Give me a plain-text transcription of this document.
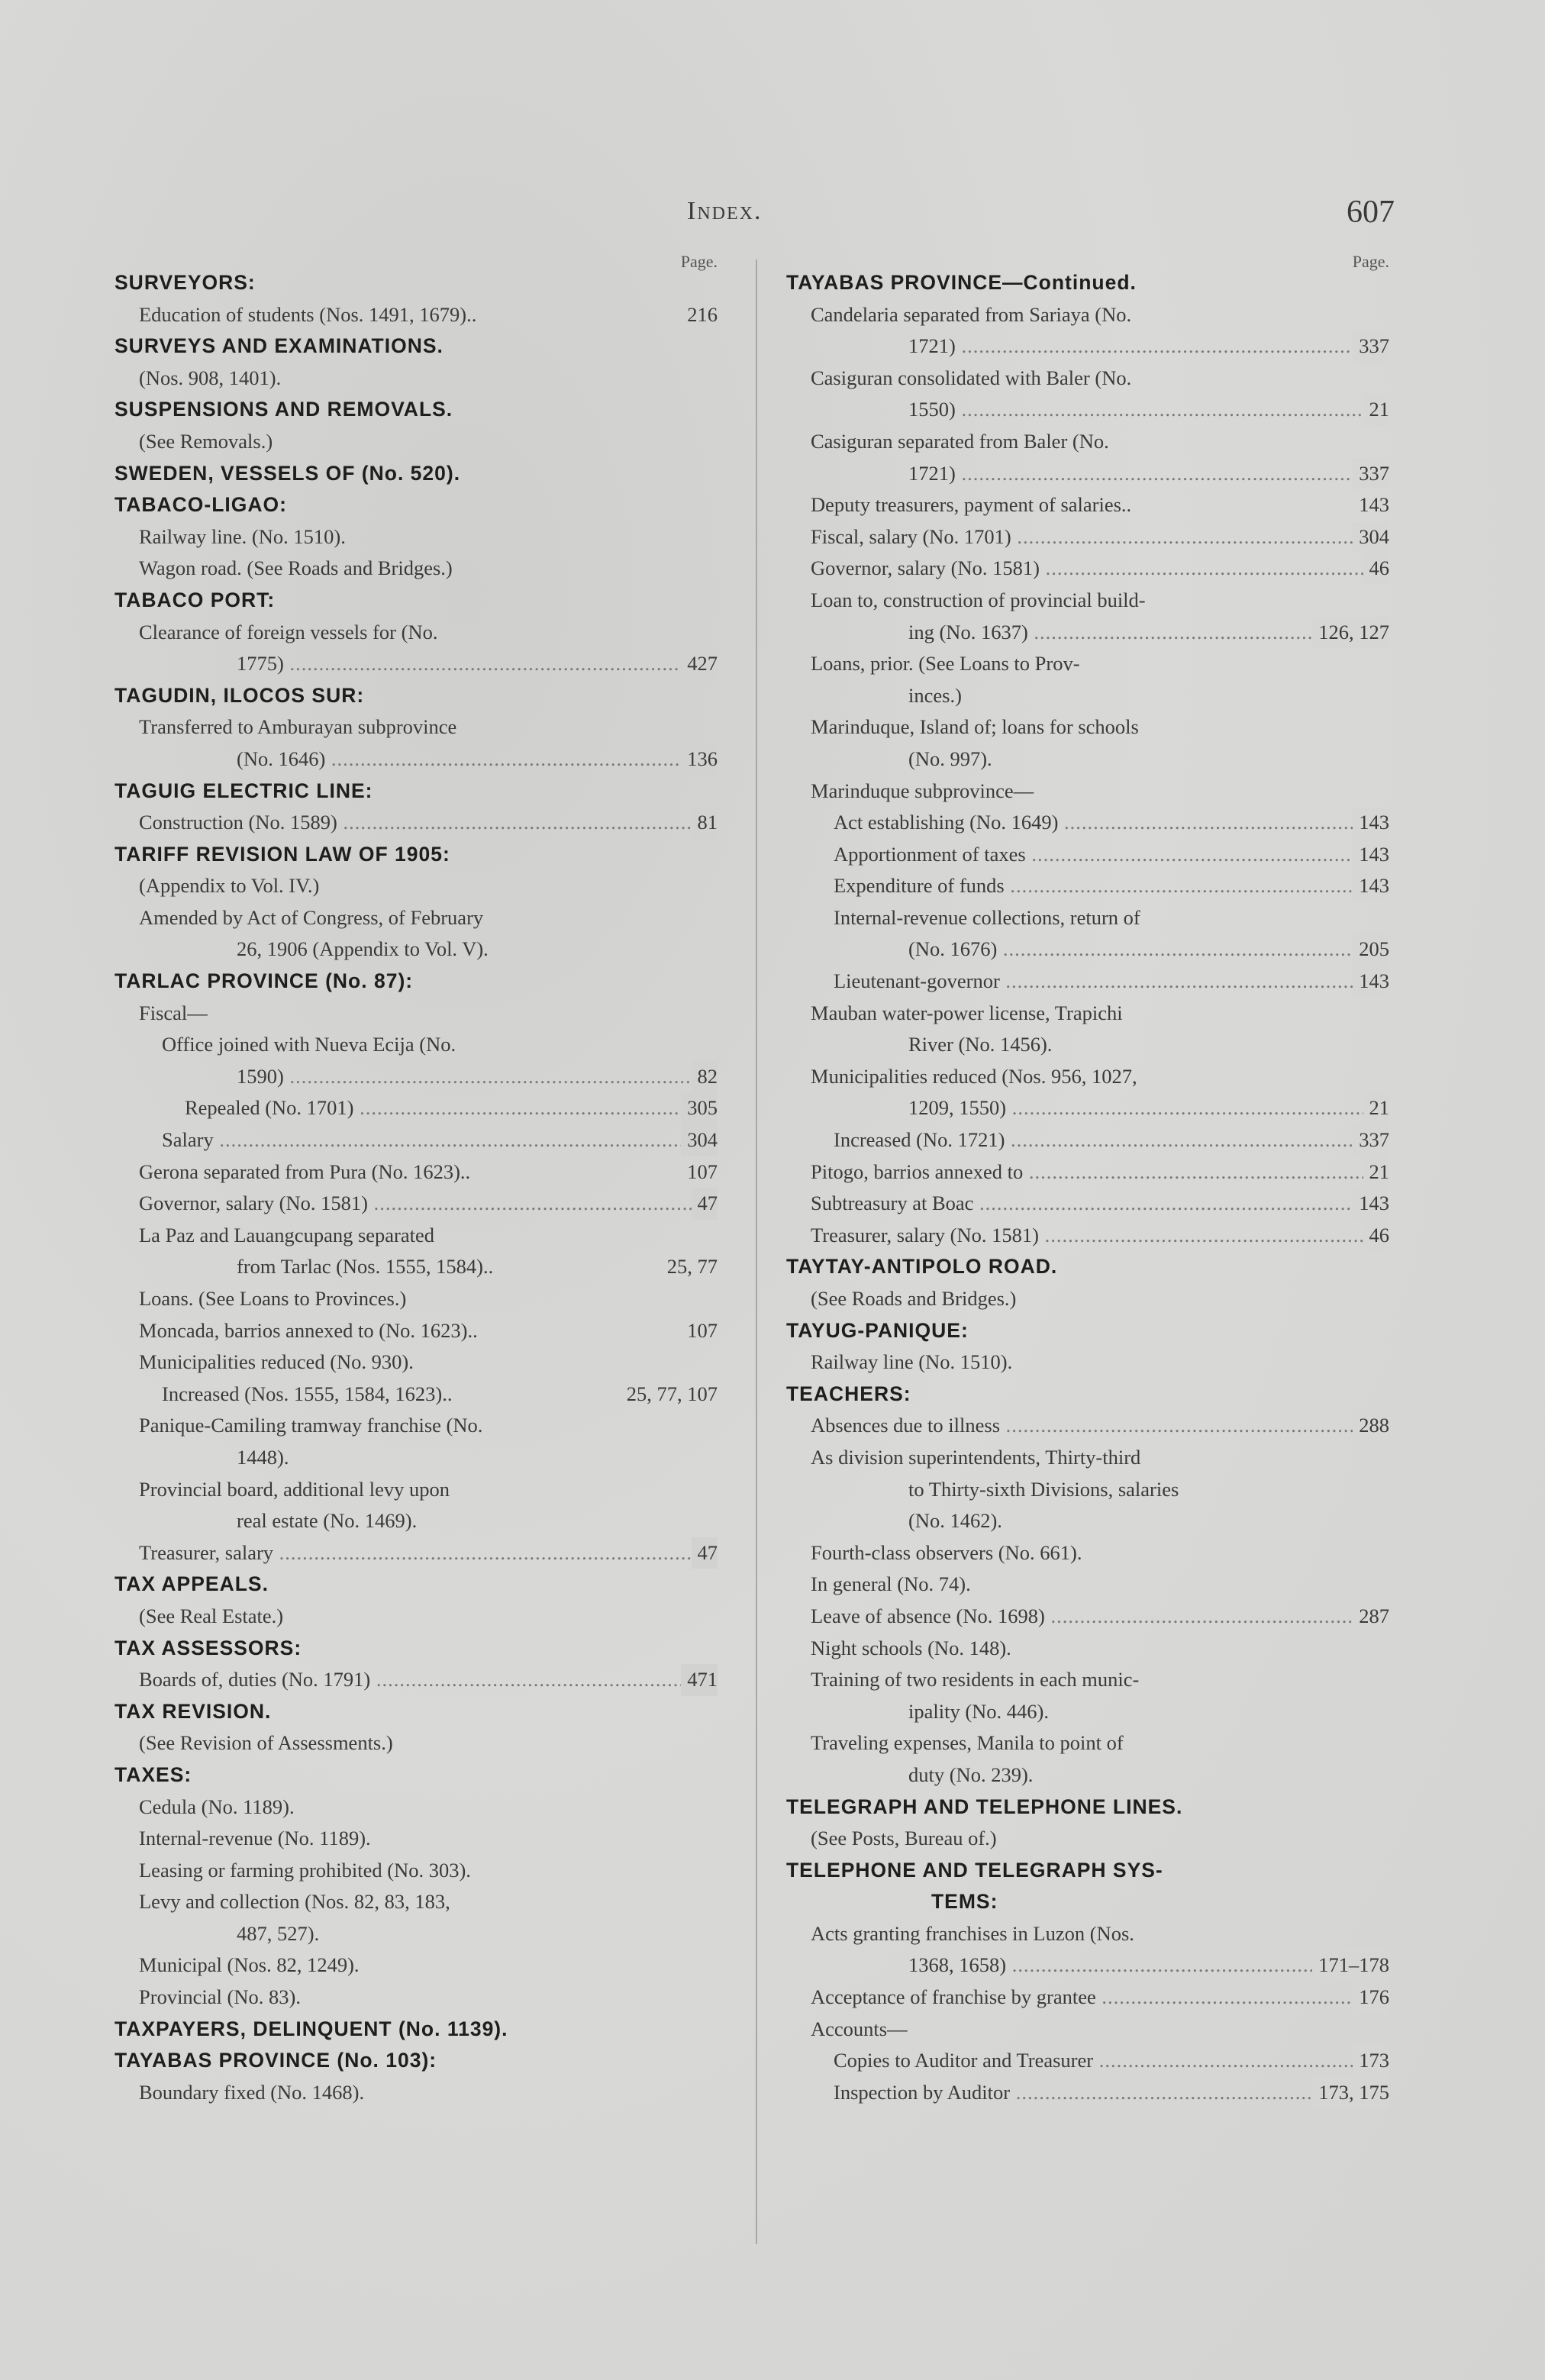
Index.	607
Page.
SURVEYORS:
Education of students (Nos. 1491, 1679)..	216
SURVEYS AND EXAMINATIONS.
(Nos. 908, 1401).
SUSPENSIONS AND REMOVALS.
(See Removals.)
SWEDEN, VESSELS OF (No. 520).
TABACO-LIGAO:
Railway line. (No. 1510).
Wagon road. (See Roads and Bridges.)
TABACO PORT:
Clearance of foreign vessels for (No.
1775) .....	427
TAGUDIN, ILOCOS SUR:
Transferred to Amburayan subprovince
(No. 1646) .....	136
TAGUIG ELECTRIC LINE:
Construction (No. 1589) .....	81
TARIFF REVISION LAW OF 1905:
(Appendix to Vol. IV.)
Amended by Act of Congress, of February
26, 1906 (Appendix to Vol. V).
TARLAC PROVINCE (No. 87):
Fiscal—
Office joined with Nueva Ecija (No.
1590) .....	82
Repealed (No. 1701) .....	305
Salary .....	304
Gerona separated from Pura (No. 1623)..	107
Governor, salary (No. 1581) .....	47
La Paz and Lauangcupang separated
from Tarlac (Nos. 1555, 1584)..	25, 77
Loans. (See Loans to Provinces.)
Moncada, barrios annexed to (No. 1623)..	107
Municipalities reduced (No. 930).
Increased (Nos. 1555, 1584, 1623)..	25, 77, 107
Panique-Camiling tramway franchise (No.
1448).
Provincial board, additional levy upon
real estate (No. 1469).
Treasurer, salary .....	47
TAX APPEALS.
(See Real Estate.)
TAX ASSESSORS:
Boards of, duties (No. 1791) .....	471
TAX REVISION.
(See Revision of Assessments.)
TAXES:
Cedula (No. 1189).
Internal-revenue (No. 1189).
Leasing or farming prohibited (No. 303).
Levy and collection (Nos. 82, 83, 183,
487, 527).
Municipal (Nos. 82, 1249).
Provincial (No. 83).
TAXPAYERS, DELINQUENT (No. 1139).
TAYABAS PROVINCE (No. 103):
Boundary fixed (No. 1468).
Page.
TAYABAS PROVINCE—Continued.
Candelaria separated from Sariaya (No.
1721) .....	337
Casiguran consolidated with Baler (No.
1550) .....	21
Casiguran separated from Baler (No.
1721) .....	337
Deputy treasurers, payment of salaries..	143
Fiscal, salary (No. 1701) .....	304
Governor, salary (No. 1581) .....	46
Loan to, construction of provincial build-
ing (No. 1637) .....	126, 127
Loans, prior. (See Loans to Prov-
inces.)
Marinduque, Island of; loans for schools
(No. 997).
Marinduque subprovince—
Act establishing (No. 1649) .....	143
Apportionment of taxes .....	143
Expenditure of funds .....	143
Internal-revenue collections, return of
(No. 1676) .....	205
Lieutenant-governor .....	143
Mauban water-power license, Trapichi
River (No. 1456).
Municipalities reduced (Nos. 956, 1027,
1209, 1550) .....	21
Increased (No. 1721) .....	337
Pitogo, barrios annexed to .....	21
Subtreasury at Boac .....	143
Treasurer, salary (No. 1581) .....	46
TAYTAY-ANTIPOLO ROAD.
(See Roads and Bridges.)
TAYUG-PANIQUE:
Railway line (No. 1510).
TEACHERS:
Absences due to illness .....	288
As division superintendents, Thirty-third
to Thirty-sixth Divisions, salaries
(No. 1462).
Fourth-class observers (No. 661).
In general (No. 74).
Leave of absence (No. 1698) .....	287
Night schools (No. 148).
Training of two residents in each munic-
ipality (No. 446).
Traveling expenses, Manila to point of
duty (No. 239).
TELEGRAPH AND TELEPHONE LINES.
(See Posts, Bureau of.)
TELEPHONE AND TELEGRAPH SYS-
TEMS:
Acts granting franchises in Luzon (Nos.
1368, 1658) .....	171–178
Acceptance of franchise by grantee .....	176
Accounts—
Copies to Auditor and Treasurer .....	173
Inspection by Auditor .....	173, 175
